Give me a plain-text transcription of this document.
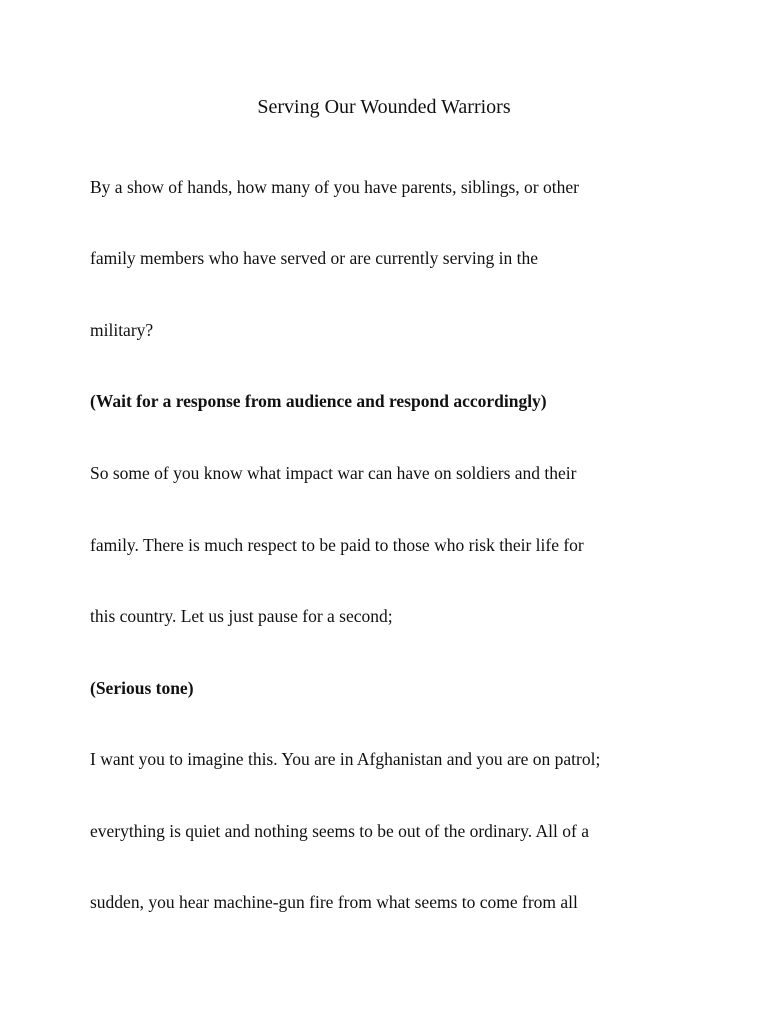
Serving Our Wounded Warriors

By a show of hands, how many of you have parents, siblings, or other

family members who have served or are currently serving in the

military?

(Wait for a response from audience and respond accordingly)

So some of you know what impact war can have on soldiers and their

family. There is much respect to be paid to those who risk their life for

this country. Let us just pause for a second;

(Serious tone)

I want you to imagine this. You are in Afghanistan and you are on patrol;

everything is quiet and nothing seems to be out of the ordinary. All of a

sudden, you hear machine-gun fire from what seems to come from all
